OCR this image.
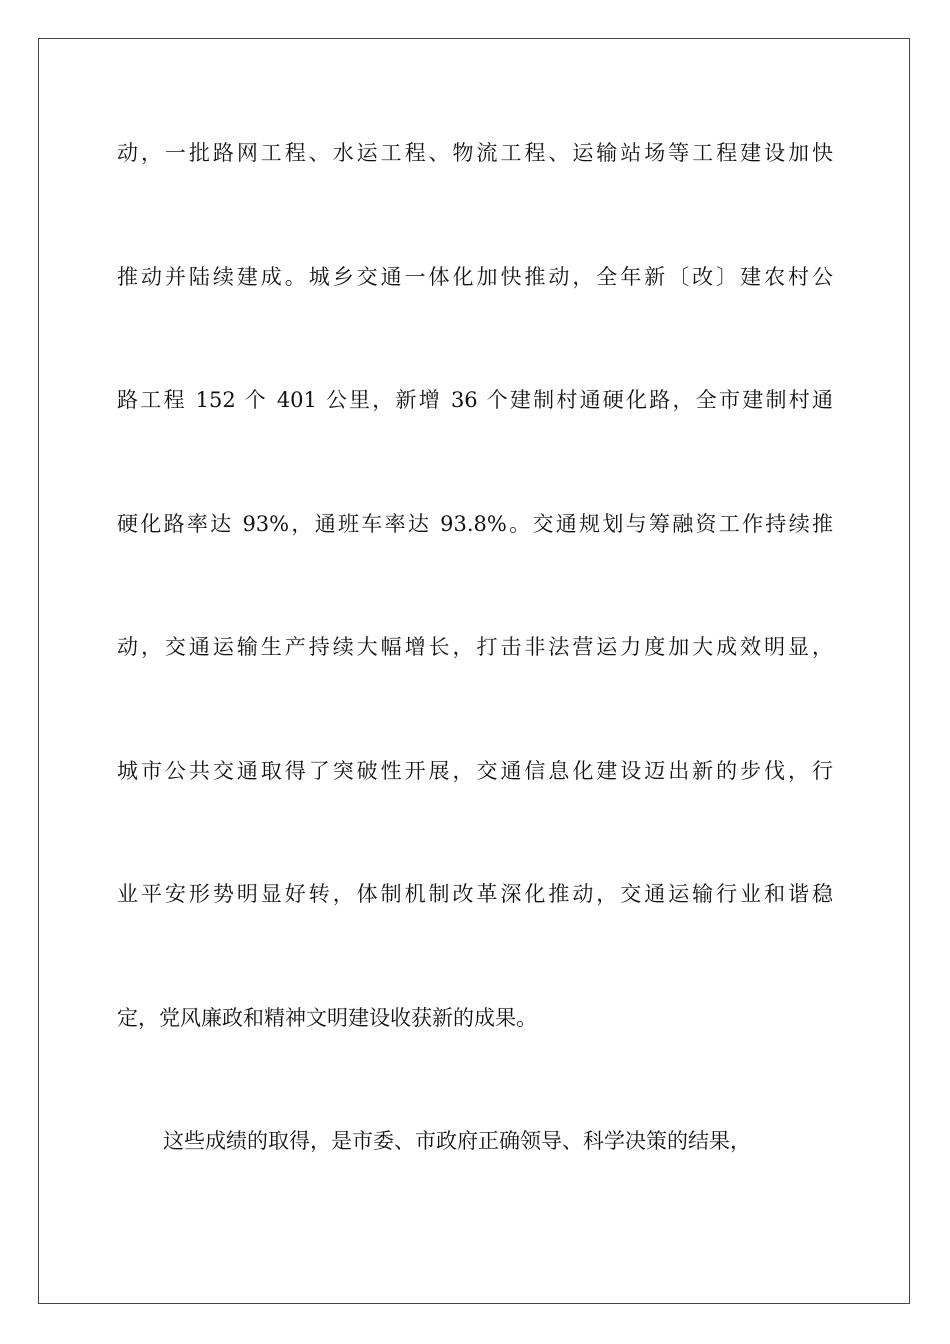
动，一批路网工程、水运工程、物流工程、运输站场等工程建设加快
推动并陆续建成。城乡交通一体化加快推动，全年新〔改〕建农村公
路工程 152 个 401 公里，新增 36 个建制村通硬化路，全市建制村通
硬化路率达 93%，通班车率达 93.8%。交通规划与筹融资工作持续推
动，交通运输生产持续大幅增长，打击非法营运力度加大成效明显，
城市公共交通取得了突破性开展，交通信息化建设迈出新的步伐，行
业平安形势明显好转，体制机制改革深化推动，交通运输行业和谐稳
定，党风廉政和精神文明建设收获新的成果。
这些成绩的取得，是市委、市政府正确领导、科学决策的结果，
